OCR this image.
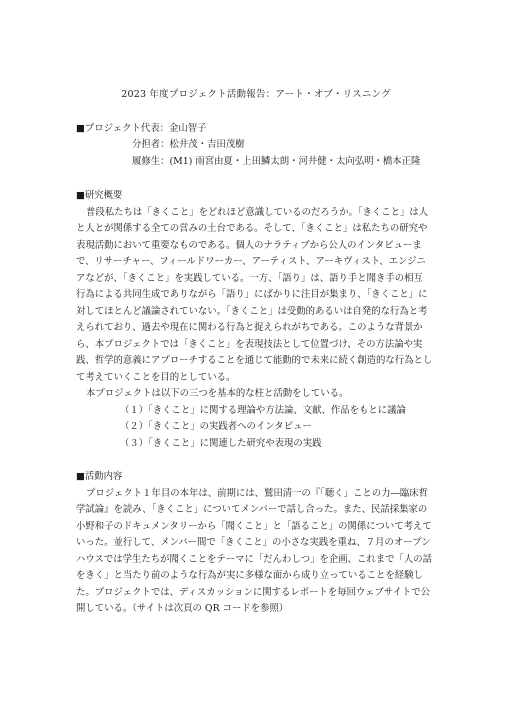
2023 年度プロジェクト活動報告：アート・オブ・リスニング
■プロジェクト代表：金山智子
分担者：松井茂・吉田茂樹
履修生：(M1) 雨宮由夏・上田鱗太朗・河井健・太向弘明・橋本正隆
■研究概要
普段私たちは「きくこと」をどれほど意識しているのだろうか。「きくこと」は人
と人とが関係する全ての営みの土台である。そして、「きくこと」は私たちの研究や
表現活動において重要なものである。個人のナラティブから公人のインタビューま
で、リサーチャー、フィールドワーカー、アーティスト、アーキヴィスト、エンジニ
アなどが、「きくこと」を実践している。一方、「語り」は、語り手と聞き手の相互
行為による共同生成でありながら「語り」にばかりに注目が集まり、「きくこと」に
対してほとんど議論されていない。「きくこと」は受動的あるいは自発的な行為と考
えられており、過去や現在に関わる行為と捉えられがちである。このような背景か
ら、本プロジェクトでは「きくこと」を表現技法として位置づけ、その方法論や実
践、哲学的意義にアプローチすることを通じて能動的で未来に続く創造的な行為とし
て考えていくことを目的としている。
本プロジェクトは以下の三つを基本的な柱と活動をしている。
（１）「きくこと」に関する理論や方法論、文献、作品をもとに議論
（２）「きくこと」の実践者へのインタビュー
（３）「きくこと」に関連した研究や表現の実践
■活動内容
プロジェクト１年目の本年は、前期には、鷲田清一の『「聴く」ことの力―臨床哲
学試論』を読み、「きくこと」についてメンバーで話し合った。また、民話採集家の
小野和子のドキュメンタリーから「聞くこと」と「語ること」の関係について考えて
いった。並行して、メンバー間で「きくこと」の小さな実践を重ね、７月のオープン
ハウスでは学生たちが聞くことをテーマに「だんわしつ」を企画、これまで「人の話
をきく」と当たり前のような行為が実に多様な面から成り立っていることを経験し
た。プロジェクトでは、ディスカッションに関するレポートを毎回ウェブサイトで公
開している。（サイトは次頁の QR コードを参照）
